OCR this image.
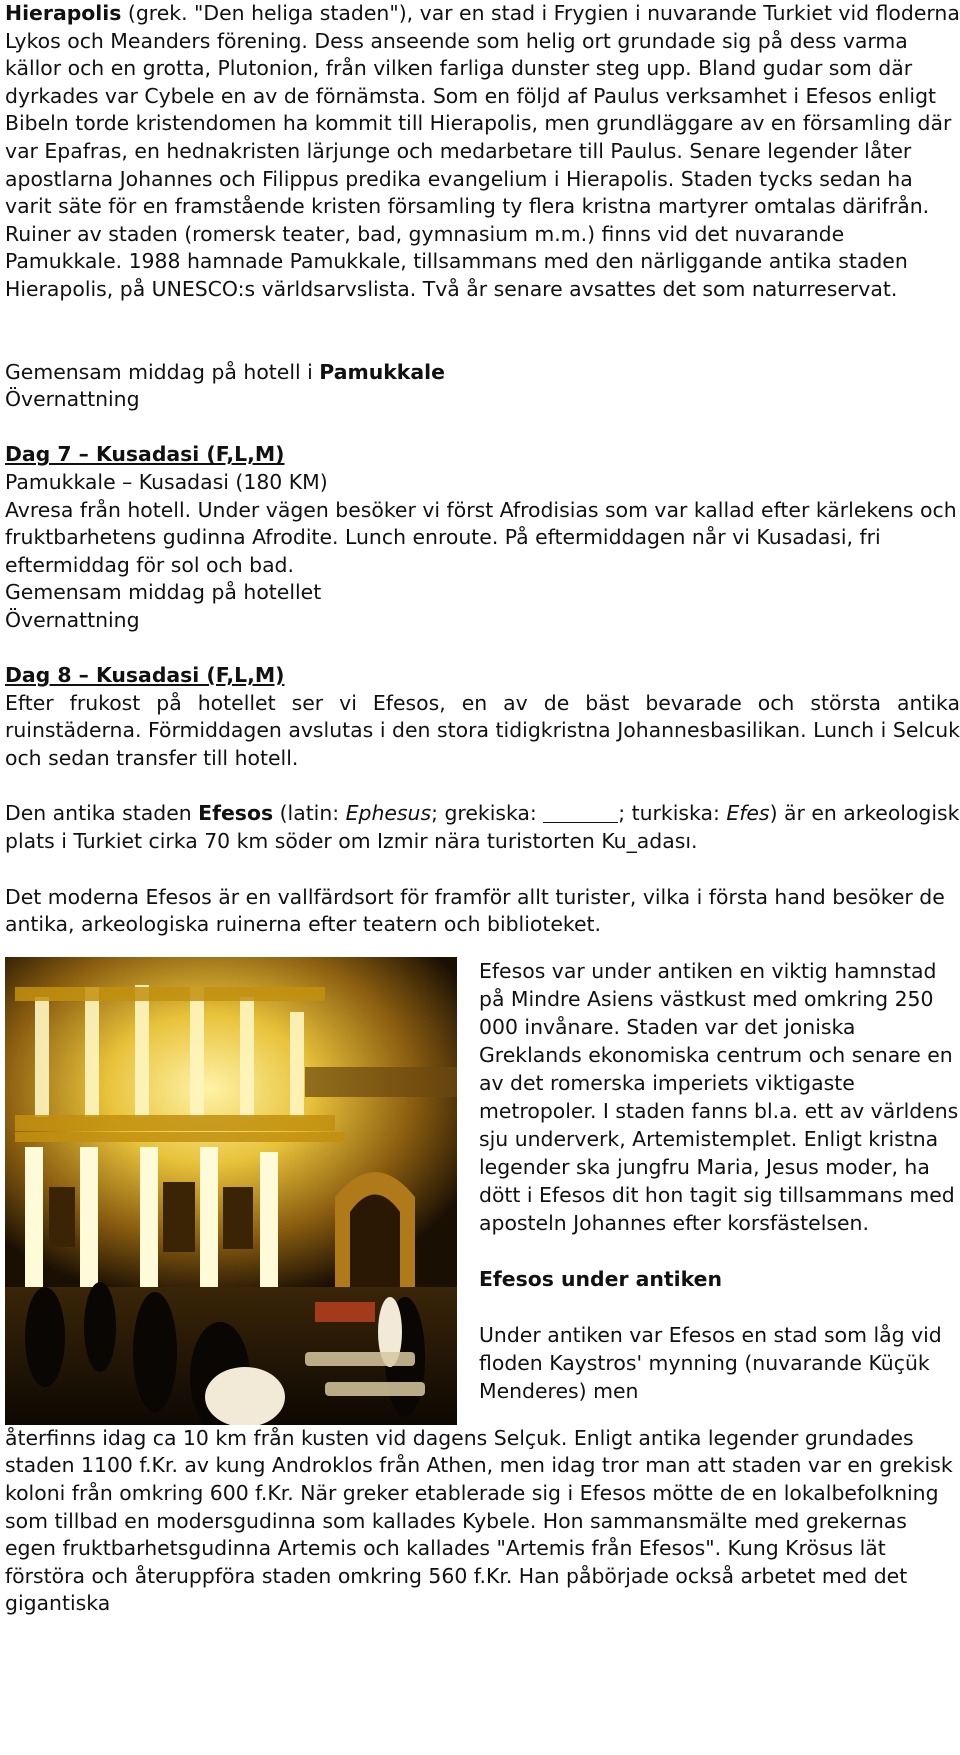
Hierapolis (grek. "Den heliga staden"), var en stad i Frygien i nuvarande Turkiet vid floderna Lykos och Meanders förening. Dess anseende som helig ort grundade sig på dess varma källor och en grotta, Plutonion, från vilken farliga dunster steg upp. Bland gudar som där dyrkades var Cybele en av de förnämsta. Som en följd af Paulus verksamhet i Efesos enligt Bibeln torde kristendomen ha kommit till Hierapolis, men grundläggare av en församling där var Epafras, en hednakristen lärjunge och medarbetare till Paulus. Senare legender låter apostlarna Johannes och Filippus predika evangelium i Hierapolis. Staden tycks sedan ha varit säte för en framstående kristen församling ty flera kristna martyrer omtalas därifrån. Ruiner av staden (romersk teater, bad, gymnasium m.m.) finns vid det nuvarande Pamukkale. 1988 hamnade Pamukkale, tillsammans med den närliggande antika staden Hierapolis, på UNESCO:s världsarvslista. Två år senare avsattes det som naturreservat.

Gemensam middag på hotell i Pamukkale

Övernattning

Dag 7 – Kusadasi (F,L,M)

Pamukkale – Kusadasi (180 KM)

Avresa från hotell. Under vägen besöker vi först Afrodisias som var kallad efter kärlekens och fruktbarhetens gudinna Afrodite. Lunch enroute. På eftermiddagen når vi Kusadasi, fri eftermiddag för sol och bad.

Gemensam middag på hotellet

Övernattning

Dag 8 – Kusadasi (F,L,M)

Efter frukost på hotellet ser vi Efesos, en av de bäst bevarade och största antika ruinstäderna. Förmiddagen avslutas i den stora tidigkristna Johannesbasilikan. Lunch i Selcuk och sedan transfer till hotell.

Den antika staden Efesos (latin: Ephesus; grekiska:	; turkiska: Efes) är en arkeologisk plats i Turkiet cirka 70 km söder om Izmir nära turistorten Ku_adası.

Det moderna Efesos är en vallfärdsort för framför allt turister, vilka i första hand besöker de antika, arkeologiska ruinerna efter teatern och biblioteket.

Efesos var under antiken en viktig hamnstad på Mindre Asiens västkust med omkring 250 000 invånare. Staden var det joniska Greklands ekonomiska centrum och senare en av det romerska imperiets viktigaste metropoler. I staden fanns bl.a. ett av världens sju underverk, Artemistemplet. Enligt kristna legender ska jungfru Maria, Jesus moder, ha dött i Efesos dit hon tagit sig tillsammans med aposteln Johannes efter korsfästelsen.

Efesos under antiken

Under antiken var Efesos en stad som låg vid floden Kaystros' mynning (nuvarande Küçük Menderes) men

återfinns idag ca 10 km från kusten vid dagens Selçuk. Enligt antika legender grundades staden 1100 f.Kr. av kung Androklos från Athen, men idag tror man att staden var en grekisk koloni från omkring 600 f.Kr. När greker etablerade sig i Efesos mötte de en lokalbefolkning som tillbad en modersgudinna som kallades Kybele. Hon sammansmälte med grekernas egen fruktbarhetsgudinna Artemis och kallades "Artemis från Efesos". Kung Krösus lät förstöra och återuppföra staden omkring 560 f.Kr. Han påbörjade också arbetet med det gigantiska
